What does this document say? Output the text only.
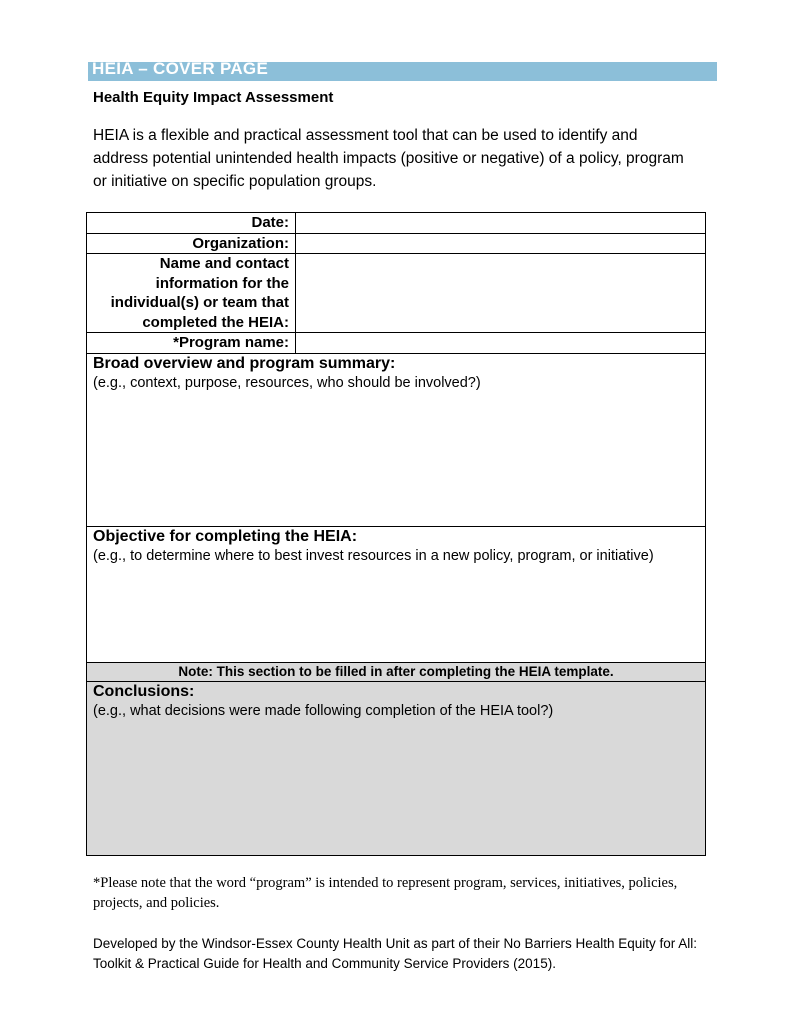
HEIA – COVER PAGE
Health Equity Impact Assessment
HEIA is a flexible and practical assessment tool that can be used to identify and address potential unintended health impacts (positive or negative) of a policy, program or initiative on specific population groups.
Date:	
Organization:	
Name and contact information for the individual(s) or team that completed the HEIA:	
*Program name:	

Broad overview and program summary:
(e.g., context, purpose, resources, who should be involved?)	

Objective for completing the HEIA:
(e.g., to determine where to best invest resources in a new policy, program, or initiative)	

Note: This section to be filled in after completing the HEIA template.	

Conclusions:
(e.g., what decisions were made following completion of the HEIA tool?)	
*Please note that the word “program” is intended to represent program, services, initiatives, policies, projects, and policies.
Developed by the Windsor-Essex County Health Unit as part of their No Barriers Health Equity for All: Toolkit & Practical Guide for Health and Community Service Providers (2015).
